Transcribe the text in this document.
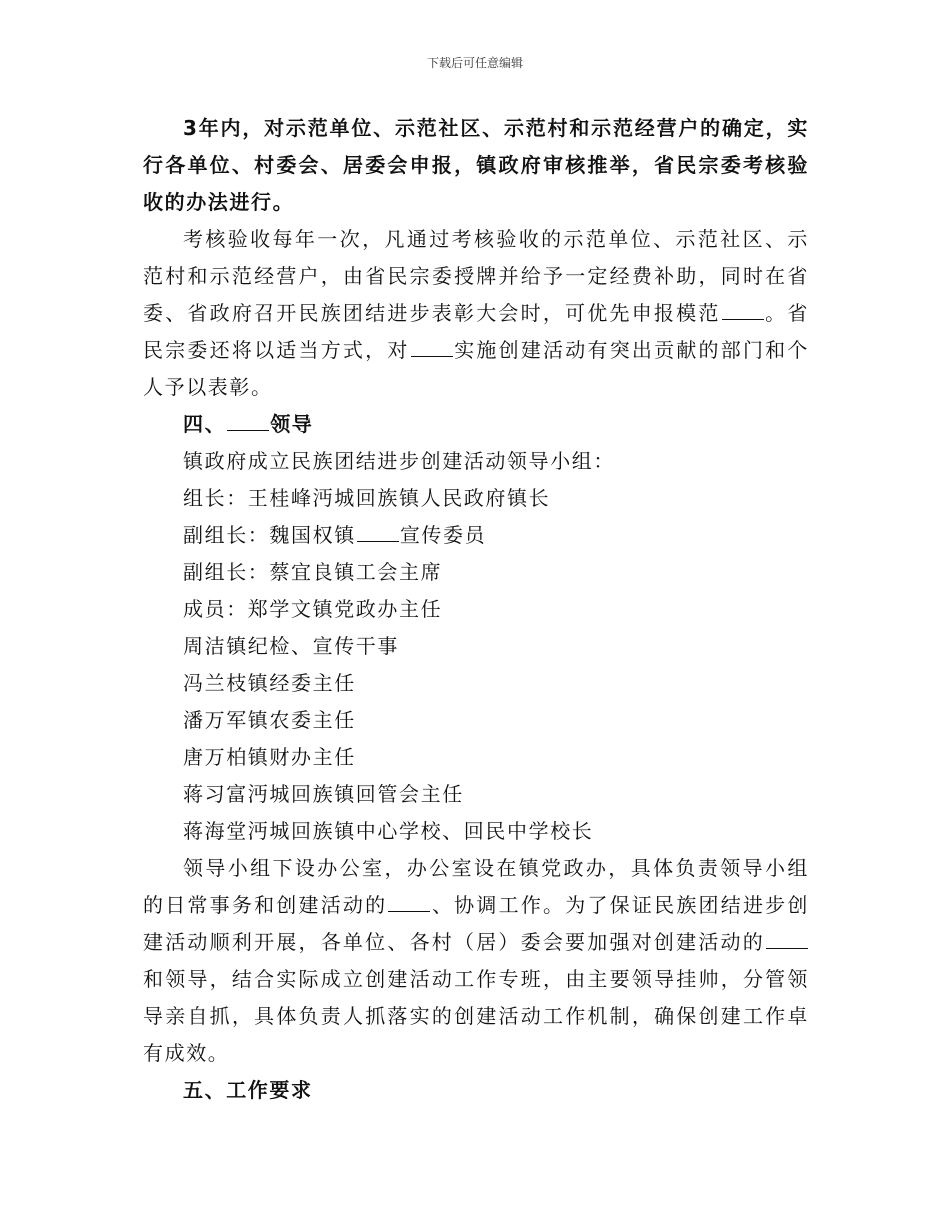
下载后可任意编辑

3年内，对示范单位、示范社区、示范村和示范经营户的确定，实行各单位、村委会、居委会申报，镇政府审核推举，省民宗委考核验收的办法进行。

考核验收每年一次，凡通过考核验收的示范单位、示范社区、示范村和示范经营户，由省民宗委授牌并给予一定经费补助，同时在省委、省政府召开民族团结进步表彰大会时，可优先申报模范 。省民宗委还将以适当方式，对 实施创建活动有突出贡献的部门和个人予以表彰。

四、 领导

镇政府成立民族团结进步创建活动领导小组：

组长：王桂峰沔城回族镇人民政府镇长

副组长：魏国权镇 宣传委员

副组长：蔡宜良镇工会主席

成员：郑学文镇党政办主任

周洁镇纪检、宣传干事

冯兰枝镇经委主任

潘万军镇农委主任

唐万柏镇财办主任

蒋习富沔城回族镇回管会主任

蒋海堂沔城回族镇中心学校、回民中学校长

领导小组下设办公室，办公室设在镇党政办，具体负责领导小组的日常事务和创建活动的 、协调工作。为了保证民族团结进步创建活动顺利开展，各单位、各村（居）委会要加强对创建活动的和领导，结合实际成立创建活动工作专班，由主要领导挂帅，分管领导亲自抓，具体负责人抓落实的创建活动工作机制，确保创建工作卓有成效。

五、工作要求
